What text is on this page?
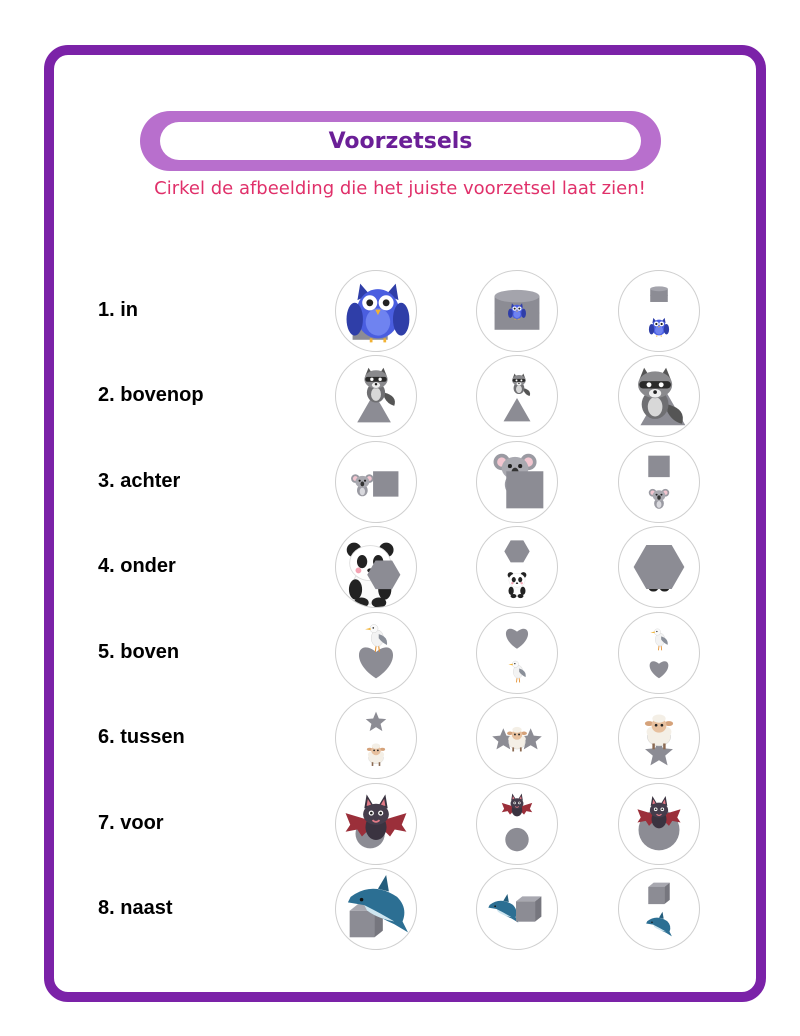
Voorzetsels
Cirkel de afbeelding die het juiste voorzetsel laat zien!
1. in
2. bovenop
3. achter
4. onder
5. boven
6. tussen
7. voor
8. naast
